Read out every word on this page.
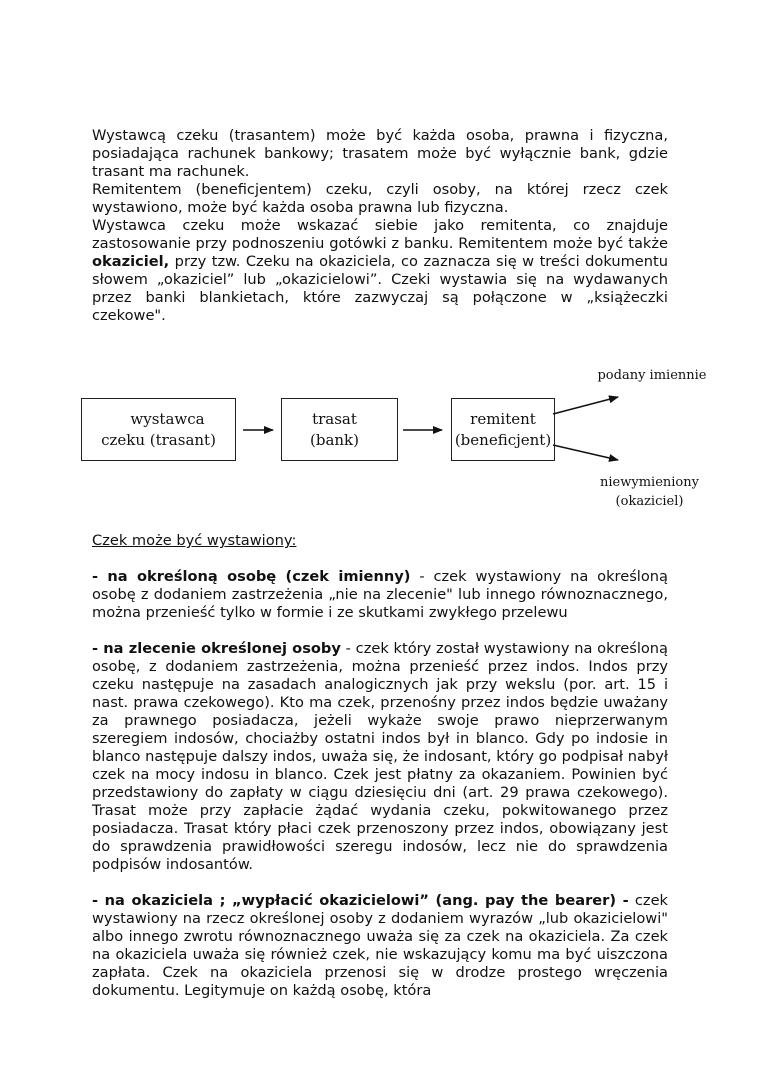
Wystawcą czeku (trasantem) może być każda osoba, prawna i fizyczna, posiadająca rachunek bankowy; trasatem może być wyłącznie bank, gdzie trasant ma rachunek.

Remitentem (beneficjentem) czeku, czyli osoby, na której rzecz czek wystawiono, może być każda osoba prawna lub fizyczna.

Wystawca czeku może wskazać siebie jako remitenta, co znajduje zastosowanie przy podnoszeniu gotówki z banku. Remitentem może być także okaziciel, przy tzw. Czeku na okaziciela, co zaznacza się w treści dokumentu słowem „okaziciel” lub „okazicielowi”. Czeki wystawia się na wydawanych przez banki blankietach, które zazwyczaj są połączone w „książeczki czekowe".

wystawca
czeku (trasant)
trasat
(bank)
remitent
(beneficjent)
podany imiennie
niewymieniony
(okaziciel)

Czek może być wystawiony:

- na określoną osobę (czek imienny) - czek wystawiony na określoną osobę z dodaniem zastrzeżenia „nie na zlecenie" lub innego równoznacznego, można przenieść tylko w formie i ze skutkami zwykłego przelewu

- na zlecenie określonej osoby - czek który został wystawiony na określoną osobę, z dodaniem zastrzeżenia, można przenieść przez indos. Indos przy czeku następuje na zasadach analogicznych jak przy wekslu (por. art. 15 i nast. prawa czekowego). Kto ma czek, przenośny przez indos będzie uważany za prawnego posiadacza, jeżeli wykaże swoje prawo nieprzerwanym szeregiem indosów, chociażby ostatni indos był in blanco. Gdy po indosie in blanco następuje dalszy indos, uważa się, że indosant, który go podpisał nabył czek na mocy indosu in blanco. Czek jest płatny za okazaniem. Powinien być przedstawiony do zapłaty w ciągu dziesięciu dni (art. 29 prawa czekowego). Trasat może przy zapłacie żądać wydania czeku, pokwitowanego przez posiadacza. Trasat który płaci czek przenoszony przez indos, obowiązany jest do sprawdzenia prawidłowości szeregu indosów, lecz nie do sprawdzenia podpisów indosantów.

- na okaziciela ; „wypłacić okazicielowi” (ang. pay the bearer) - czek wystawiony na rzecz określonej osoby z dodaniem wyrazów „lub okazicielowi" albo innego zwrotu równoznacznego uważa się za czek na okaziciela. Za czek na okaziciela uważa się również czek, nie wskazujący komu ma być uiszczona zapłata. Czek na okaziciela przenosi się w drodze prostego wręczenia dokumentu. Legitymuje on każdą osobę, która
